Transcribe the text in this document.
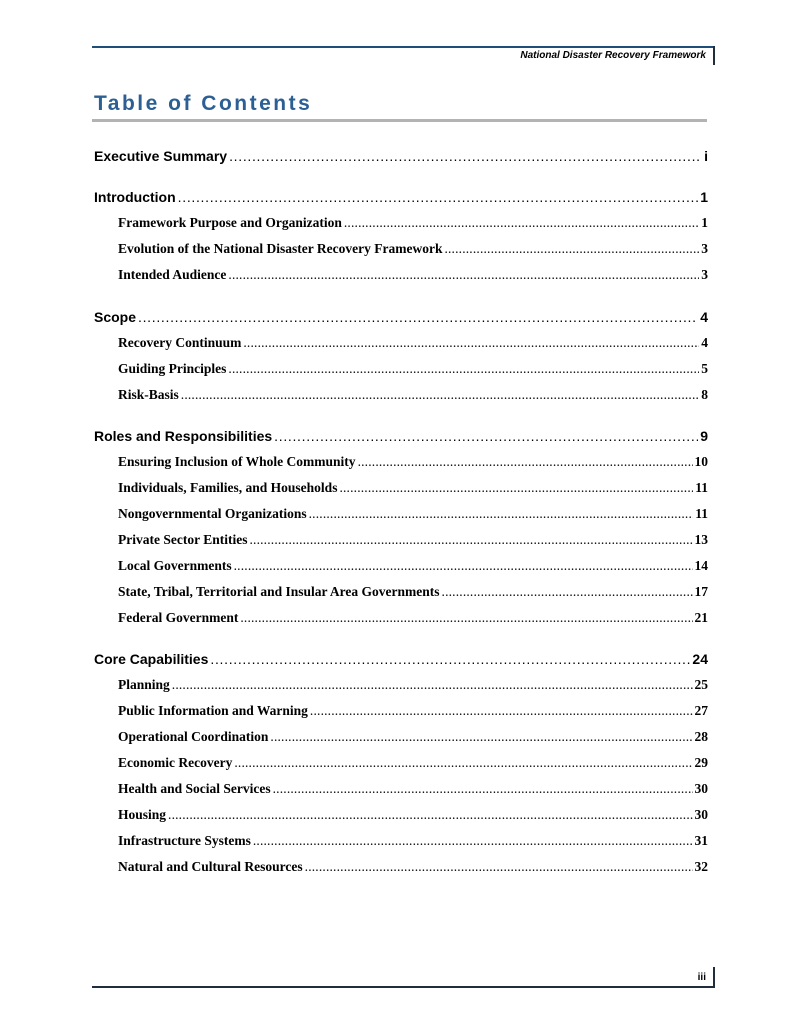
National Disaster Recovery Framework
Table of Contents
Executive Summary . . .	i
Introduction . . .	1
Framework Purpose and Organization . . .	1
Evolution of the National Disaster Recovery Framework . . .	3
Intended Audience . . .	3
Scope . . .	4
Recovery Continuum . . .	4
Guiding Principles . . .	5
Risk-Basis . . .	8
Roles and Responsibilities . . .	9
Ensuring Inclusion of Whole Community . . .	10
Individuals, Families, and Households . . .	11
Nongovernmental Organizations . . .	11
Private Sector Entities . . .	13
Local Governments . . .	14
State, Tribal, Territorial and Insular Area Governments . . .	17
Federal Government . . .	21
Core Capabilities . . .	24
Planning . . .	25
Public Information and Warning . . .	27
Operational Coordination . . .	28
Economic Recovery . . .	29
Health and Social Services . . .	30
Housing . . .	30
Infrastructure Systems . . .	31
Natural and Cultural Resources . . .	32
iii
